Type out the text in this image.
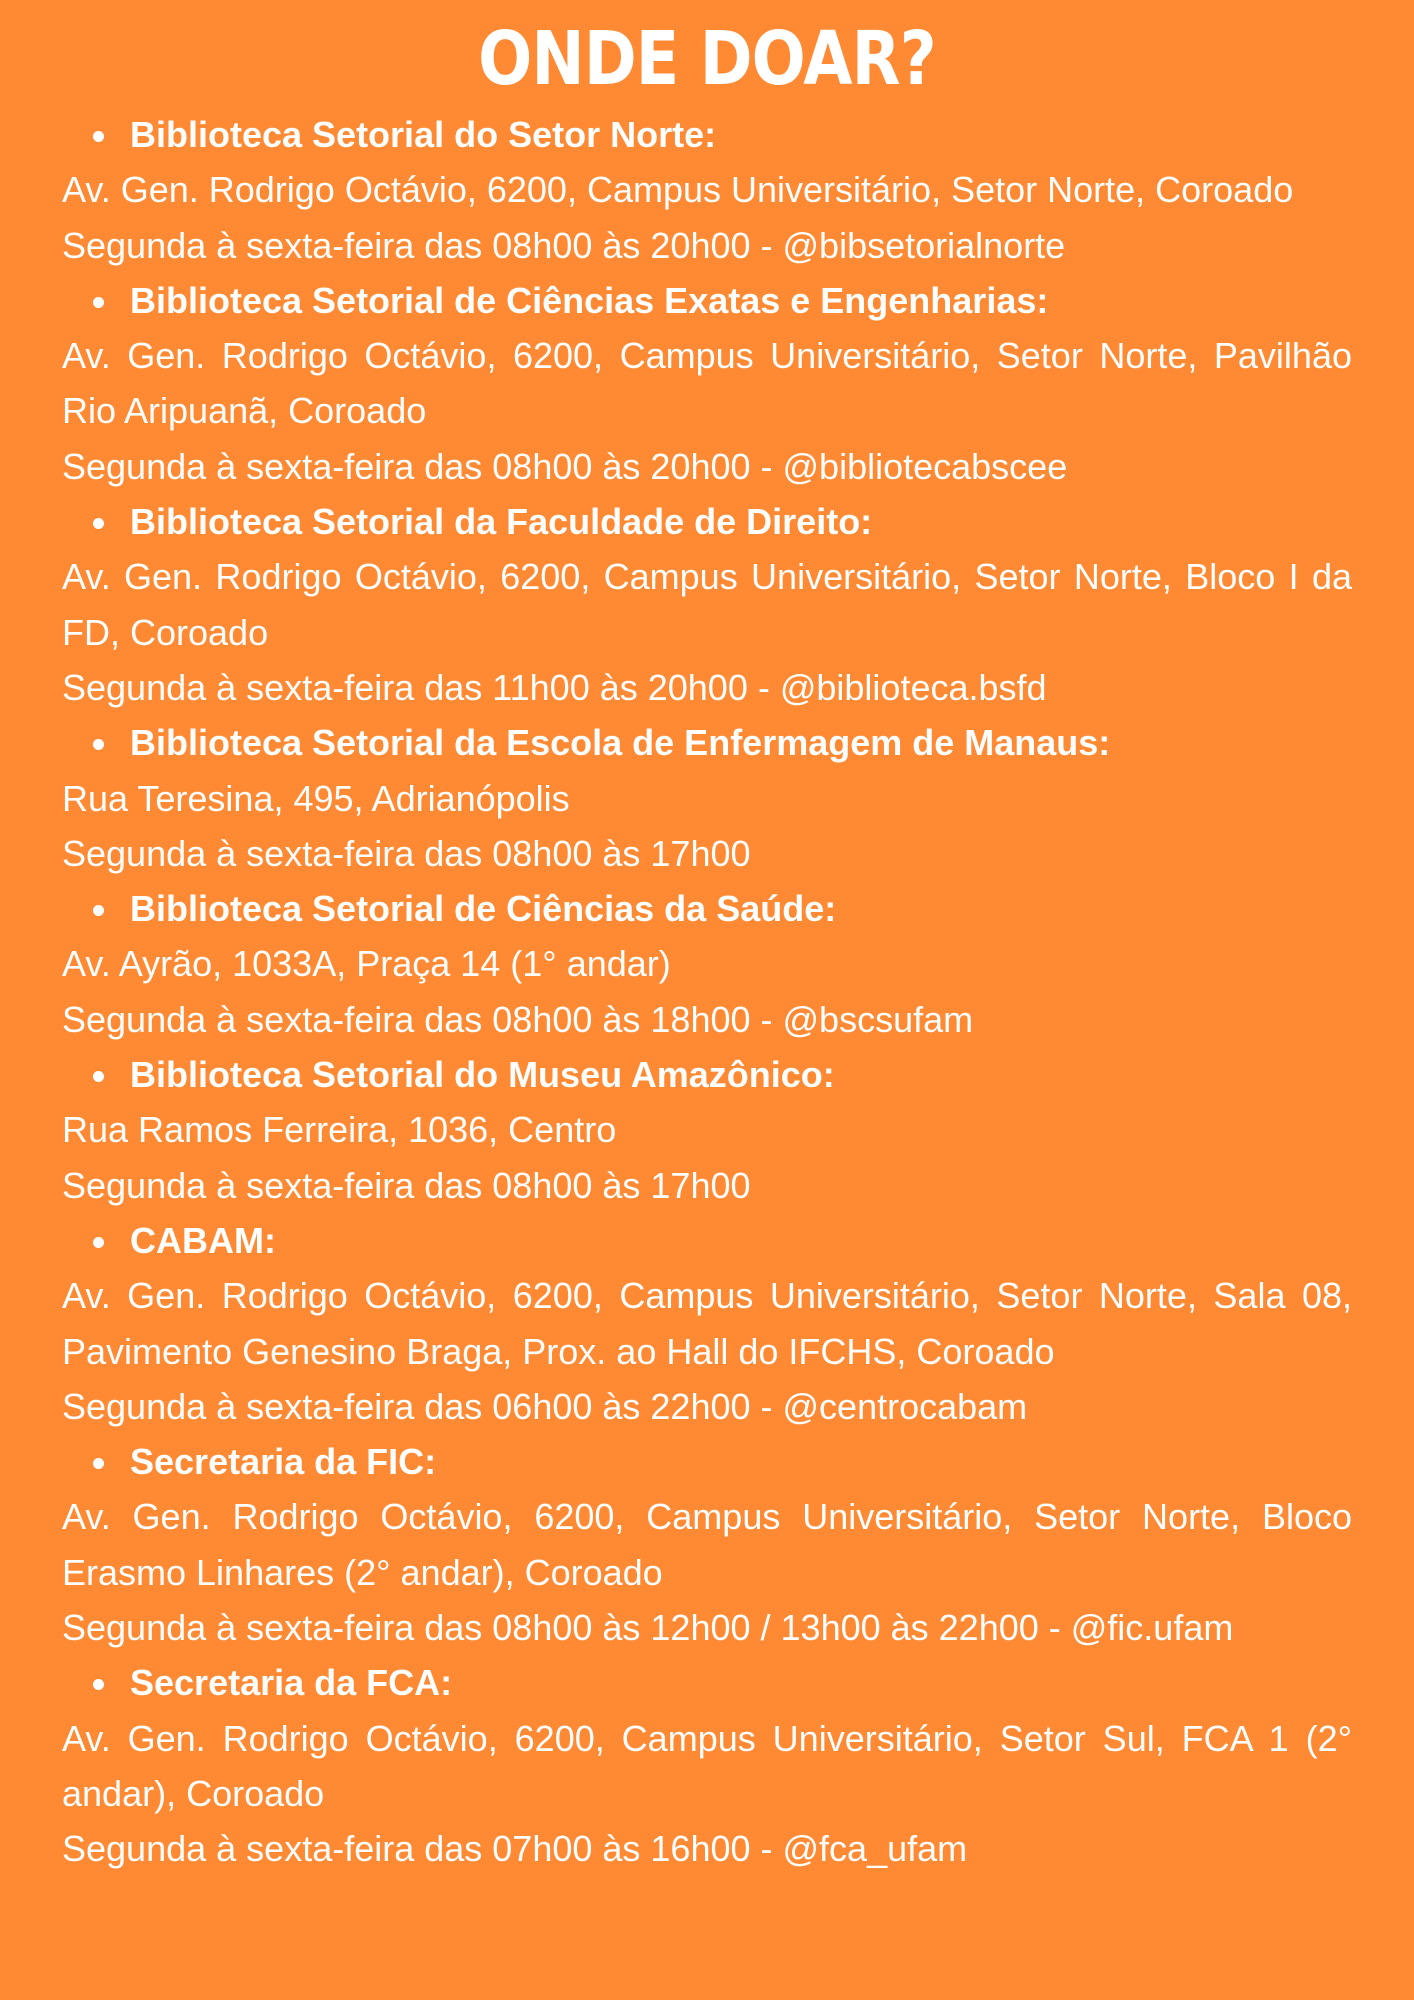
ONDE DOAR?
Biblioteca Setorial do Setor Norte:
Av. Gen. Rodrigo Octávio, 6200, Campus Universitário, Setor Norte, Coroado
Segunda à sexta-feira das 08h00 às 20h00 - @bibsetorialnorte
Biblioteca Setorial de Ciências Exatas e Engenharias:
Av. Gen. Rodrigo Octávio, 6200, Campus Universitário, Setor Norte, Pavilhão Rio Aripuanã, Coroado
Segunda à sexta-feira das 08h00 às 20h00 - @bibliotecabscee
Biblioteca Setorial da Faculdade de Direito:
Av. Gen. Rodrigo Octávio, 6200, Campus Universitário, Setor Norte, Bloco I da FD, Coroado
Segunda à sexta-feira das 11h00 às 20h00 - @biblioteca.bsfd
Biblioteca Setorial da Escola de Enfermagem de Manaus:
Rua Teresina, 495, Adrianópolis
Segunda à sexta-feira das 08h00 às 17h00
Biblioteca Setorial de Ciências da Saúde:
Av. Ayrão, 1033A, Praça 14 (1° andar)
Segunda à sexta-feira das 08h00 às 18h00 - @bscsufam
Biblioteca Setorial do Museu Amazônico:
Rua Ramos Ferreira, 1036, Centro
Segunda à sexta-feira das 08h00 às 17h00
CABAM:
Av. Gen. Rodrigo Octávio, 6200, Campus Universitário, Setor Norte, Sala 08, Pavimento Genesino Braga, Prox. ao Hall do IFCHS, Coroado
Segunda à sexta-feira das 06h00 às 22h00 - @centrocabam
Secretaria da FIC:
Av. Gen. Rodrigo Octávio, 6200, Campus Universitário, Setor Norte, Bloco Erasmo Linhares (2° andar), Coroado
Segunda à sexta-feira das 08h00 às 12h00 / 13h00 às 22h00 - @fic.ufam
Secretaria da FCA:
Av. Gen. Rodrigo Octávio, 6200, Campus Universitário, Setor Sul, FCA 1 (2° andar), Coroado
Segunda à sexta-feira das 07h00 às 16h00 - @fca_ufam
